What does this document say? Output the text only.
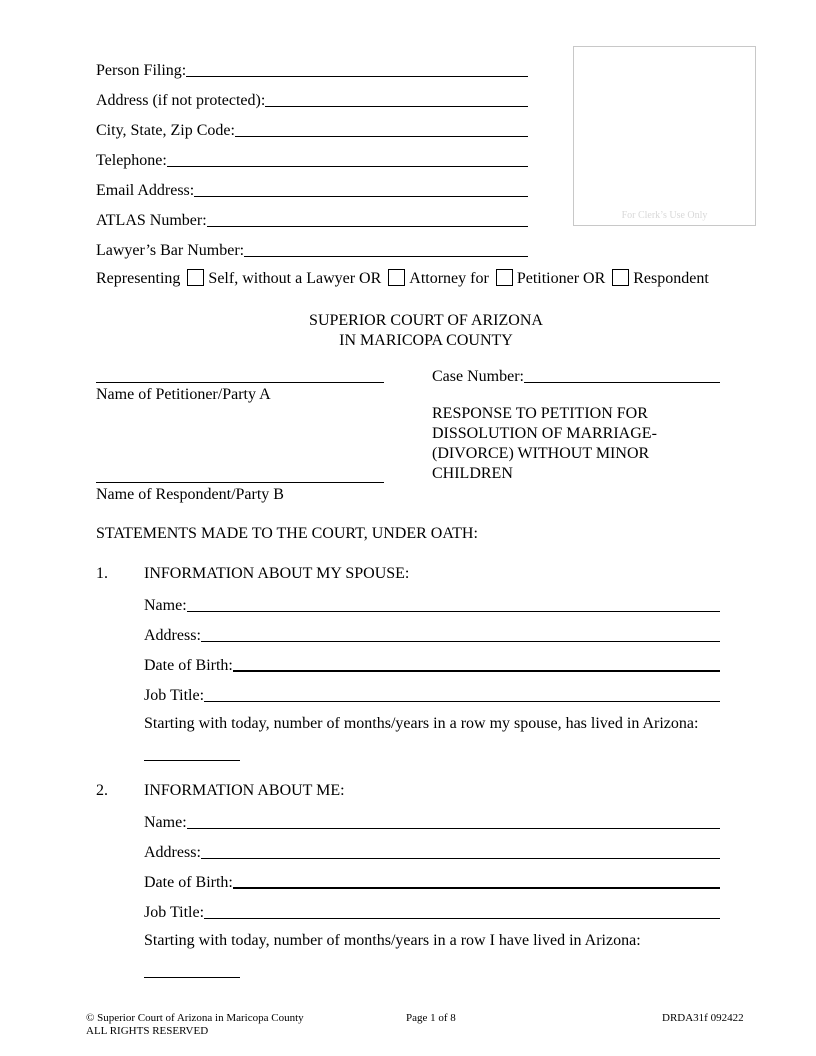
Person Filing:
Address (if not protected):
City, State, Zip Code:
Telephone:
Email Address:
ATLAS Number:
Lawyer’s Bar Number:
For Clerk’s Use Only
Representing Self, without a Lawyer OR Attorney for Petitioner OR Respondent
SUPERIOR COURT OF ARIZONA
IN MARICOPA COUNTY
Name of Petitioner/Party A
Name of Respondent/Party B
Case Number:
RESPONSE TO PETITION FOR
DISSOLUTION OF MARRIAGE-
(DIVORCE) WITHOUT MINOR
CHILDREN
STATEMENTS MADE TO THE COURT, UNDER OATH:
1. INFORMATION ABOUT MY SPOUSE:
Name:
Address:
Date of Birth:
Job Title:
Starting with today, number of months/years in a row my spouse, has lived in Arizona:
2. INFORMATION ABOUT ME:
Name:
Address:
Date of Birth:
Job Title:
Starting with today, number of months/years in a row I have lived in Arizona:
© Superior Court of Arizona in Maricopa County
ALL RIGHTS RESERVED
Page 1 of 8	DRDA31f 092422
